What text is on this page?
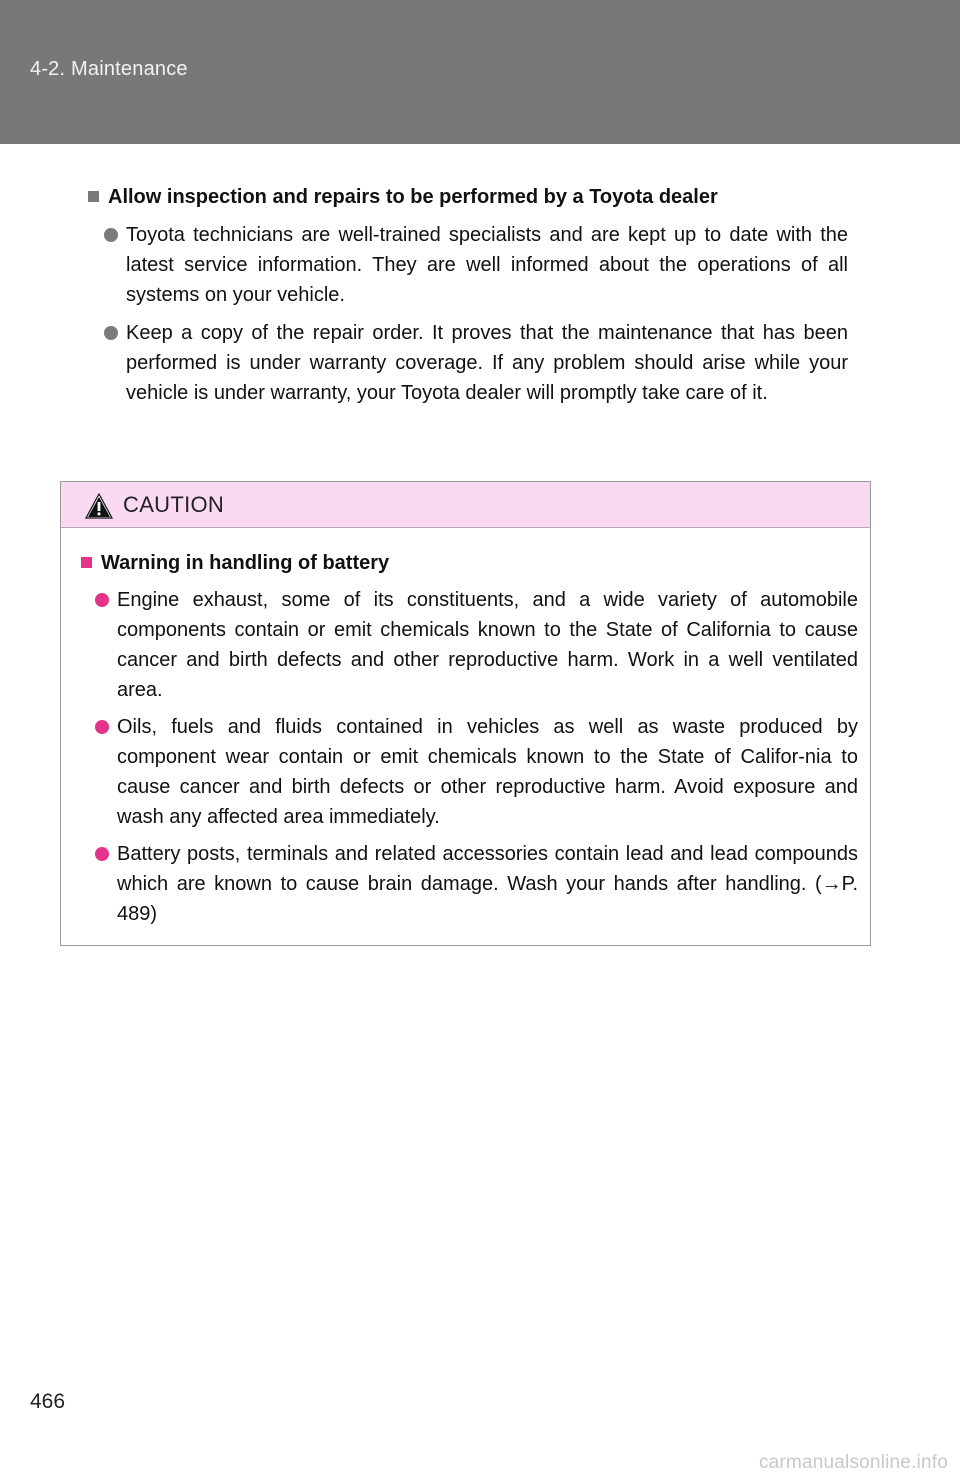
4-2. Maintenance
Allow inspection and repairs to be performed by a Toyota dealer
Toyota technicians are well-trained specialists and are kept up to date with the latest service information. They are well informed about the operations of all systems on your vehicle.
Keep a copy of the repair order. It proves that the maintenance that has been performed is under warranty coverage. If any problem should arise while your vehicle is under warranty, your Toyota dealer will promptly take care of it.
CAUTION
Warning in handling of battery
Engine exhaust, some of its constituents, and a wide variety of automobile components contain or emit chemicals known to the State of California to cause cancer and birth defects and other reproductive harm. Work in a well ventilated area.
Oils, fuels and fluids contained in vehicles as well as waste produced by component wear contain or emit chemicals known to the State of Califor-nia to cause cancer and birth defects or other reproductive harm. Avoid exposure and wash any affected area immediately.
Battery posts, terminals and related accessories contain lead and lead compounds which are known to cause brain damage. Wash your hands after handling. (→P. 489)
466
carmanualsonline.info
